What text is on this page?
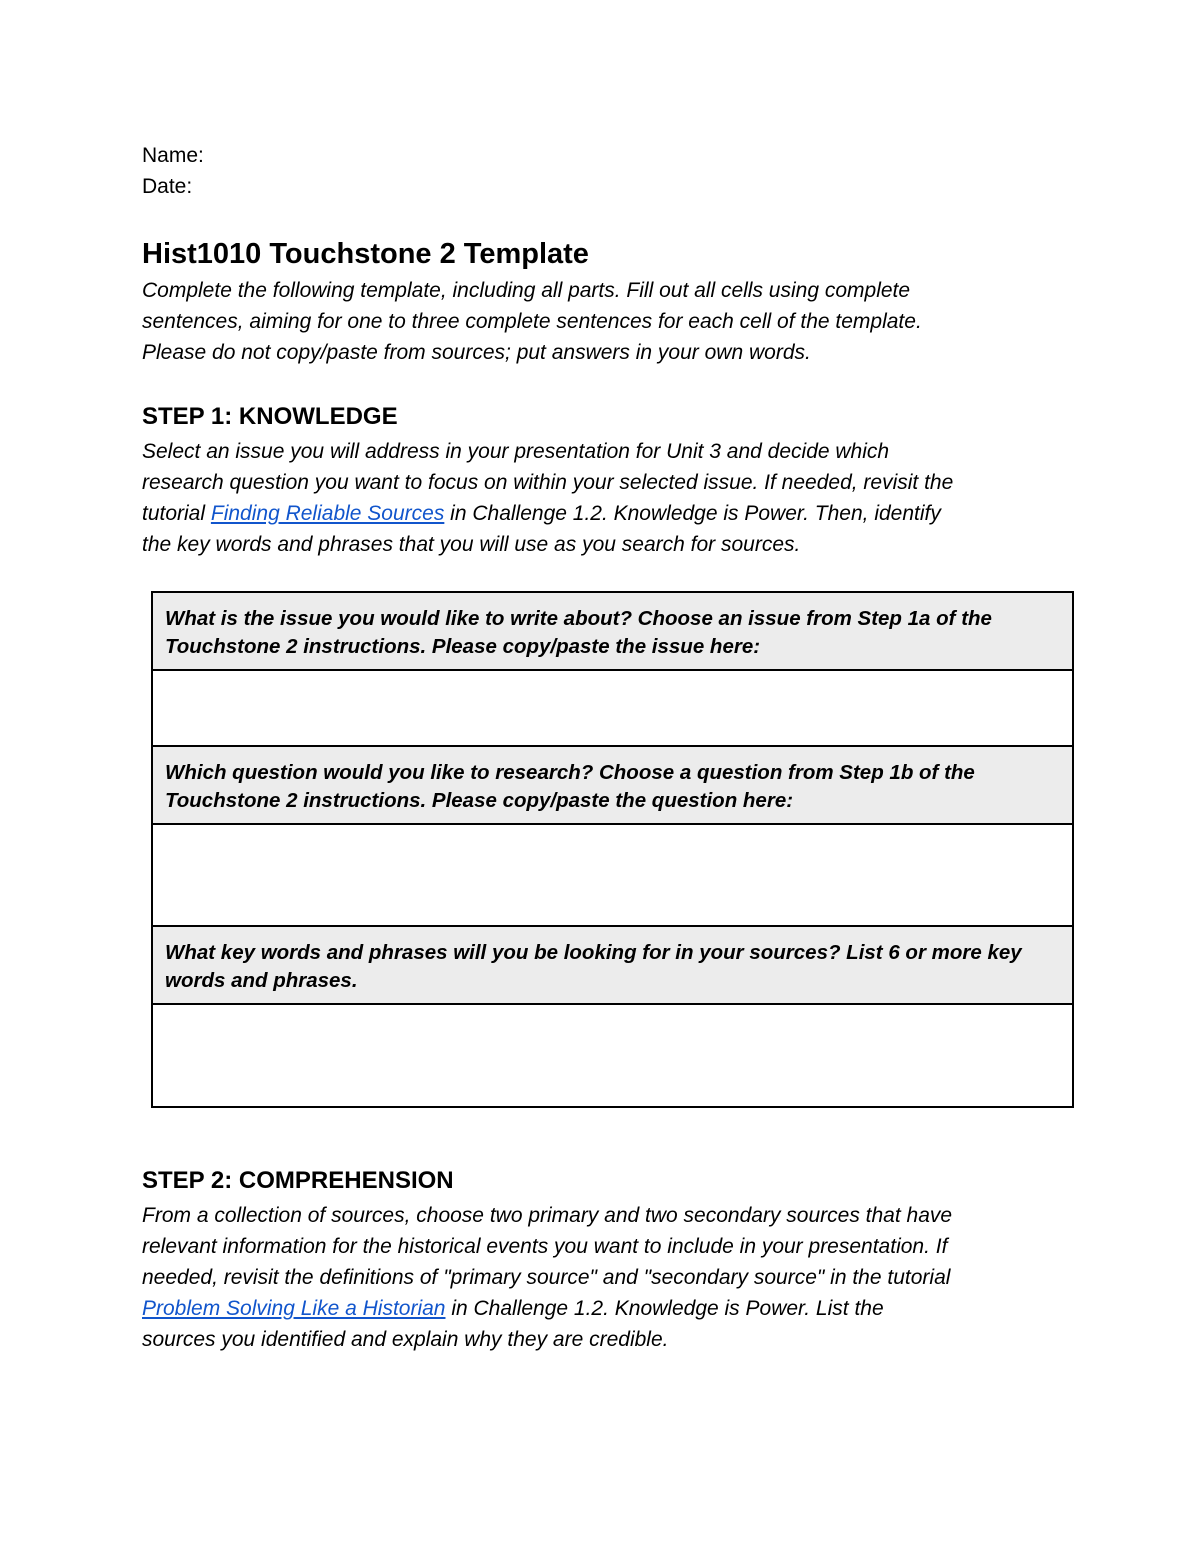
Name:
Date:
Hist1010 Touchstone 2 Template

Complete the following template, including all parts. Fill out all cells using complete
sentences, aiming for one to three complete sentences for each cell of the template.
Please do not copy/paste from sources; put answers in your own words.

STEP 1: KNOWLEDGE

Select an issue you will address in your presentation for Unit 3 and decide which
research question you want to focus on within your selected issue. If needed, revisit the
tutorial Finding Reliable Sources in Challenge 1.2. Knowledge is Power. Then, identify
the key words and phrases that you will use as you search for sources.

What is the issue you would like to write about? Choose an issue from Step 1a of the Touchstone 2 instructions. Please copy/paste the issue here:

Which question would you like to research? Choose a question from Step 1b of the Touchstone 2 instructions. Please copy/paste the question here:

What key words and phrases will you be looking for in your sources? List 6 or more key words and phrases.

STEP 2: COMPREHENSION

From a collection of sources, choose two primary and two secondary sources that have
relevant information for the historical events you want to include in your presentation. If
needed, revisit the definitions of "primary source" and "secondary source" in the tutorial
Problem Solving Like a Historian in Challenge 1.2. Knowledge is Power. List the
sources you identified and explain why they are credible.
